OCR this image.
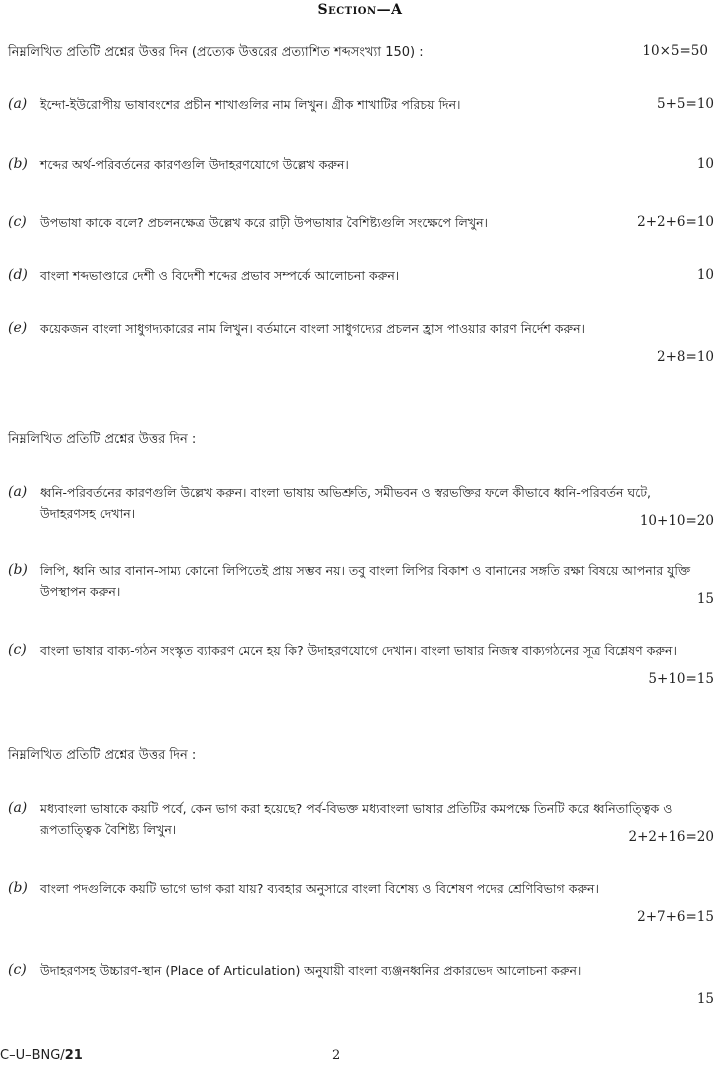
Section—A
নিম্নলিখিত প্রতিটি প্রশ্নের উত্তর দিন (প্রত্যেক উত্তরের প্রত্যাশিত শব্দসংখ্যা 150) :	10×5=50
(a)	ইন্দো-ইউরোপীয় ভাষাবংশের প্রচীন শাখাগুলির নাম লিখুন। গ্রীক শাখাটির পরিচয় দিন।	5+5=10
(b) শব্দের অর্থ-পরিবর্তনের কারণগুলি উদাহরণযোগে উল্লেখ করুন।	10
(c)	উপভাষা কাকে বলে? প্রচলনক্ষেত্র উল্লেখ করে রাঢ়ী উপভাষার বৈশিষ্ট্যগুলি সংক্ষেপে লিখুন।	2+2+6=10
(d) বাংলা শব্দভাণ্ডারে দেশী ও বিদেশী শব্দের প্রভাব সম্পর্কে আলোচনা করুন।	10
(e)	কয়েকজন বাংলা সাধুগদ্যকারের নাম লিখুন। বর্তমানে বাংলা সাধুগদ্যের প্রচলন হ্রাস পাওয়ার কারণ নির্দেশ করুন।
2+8=10
নিম্নলিখিত প্রতিটি প্রশ্নের উত্তর দিন :
(a)	ধ্বনি-পরিবর্তনের কারণগুলি উল্লেখ করুন। বাংলা ভাষায় অভিশ্রুতি, সমীভবন ও স্বরভক্তির ফলে কীভাবে ধ্বনি-পরিবর্তন ঘটে, উদাহরণসহ দেখান।	10+10=20
(b) লিপি, ধ্বনি আর বানান-সাম্য কোনো লিপিতেই প্রায় সম্ভব নয়। তবু বাংলা লিপির বিকাশ ও বানানের সঙ্গতি রক্ষা বিষয়ে আপনার যুক্তি উপস্থাপন করুন।	15
(c)	বাংলা ভাষার বাক্য-গঠন সংস্কৃত ব্যাকরণ মেনে হয় কি? উদাহরণযোগে দেখান। বাংলা ভাষার নিজস্ব বাক্যগঠনের সূত্র বিশ্লেষণ করুন।
5+10=15
নিম্নলিখিত প্রতিটি প্রশ্নের উত্তর দিন :
(a)	মধ্যবাংলা ভাষাকে কয়টি পর্বে, কেন ভাগ করা হয়েছে? পর্ব-বিভক্ত মধ্যবাংলা ভাষার প্রতিটির কমপক্ষে তিনটি করে ধ্বনিতাত্ত্বিক ও রূপতাত্ত্বিক বৈশিষ্ট্য লিখুন।	2+2+16=20
(b) বাংলা পদগুলিকে কয়টি ভাগে ভাগ করা যায়? ব্যবহার অনুসারে বাংলা বিশেষ্য ও বিশেষণ পদের শ্রেণিবিভাগ করুন।
2+7+6=15
(c)	উদাহরণসহ উচ্চারণ-স্থান (Place of Articulation) অনুযায়ী বাংলা ব্যঞ্জনধ্বনির প্রকারভেদ আলোচনা করুন।
15
C–U–BNG/21	2
